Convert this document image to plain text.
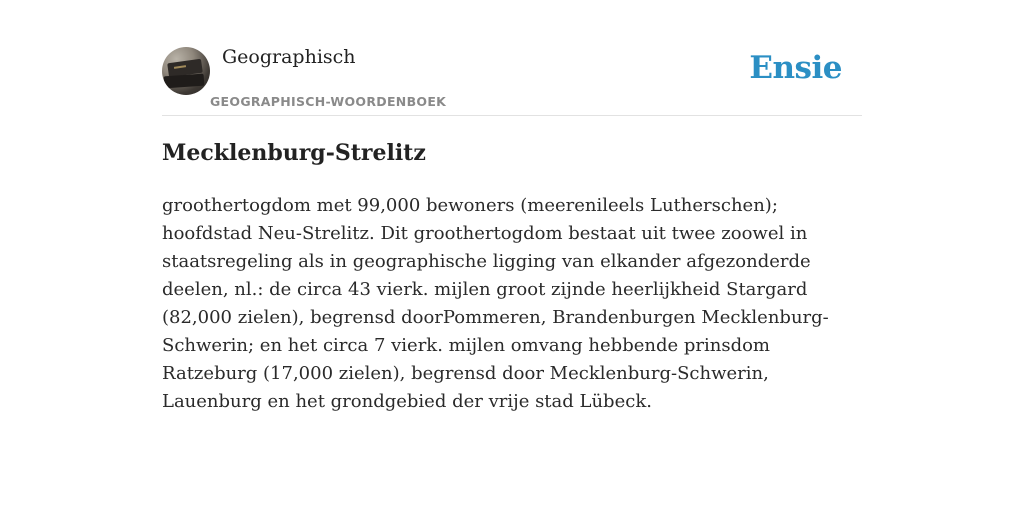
Geographisch
GEOGRAPHISCH-WOORDENBOEK
Ensie
Mecklenburg-Strelitz

groothertogdom met 99,000 bewoners (meerenileels Lutherschen); hoofdstad Neu-Strelitz. Dit groothertogdom bestaat uit twee zoowel in staatsregeling als in geographische ligging van elkander afgezonderde deelen, nl.: de circa 43 vierk. mijlen groot zijnde heerlijkheid Stargard (82,000 zielen), begrensd doorPommeren, Brandenburgen Mecklenburg-Schwerin; en het circa 7 vierk. mijlen omvang hebbende prinsdom Ratzeburg (17,000 zielen), begrensd door Mecklenburg-Schwerin, Lauenburg en het grondgebied der vrije stad Lübeck.
